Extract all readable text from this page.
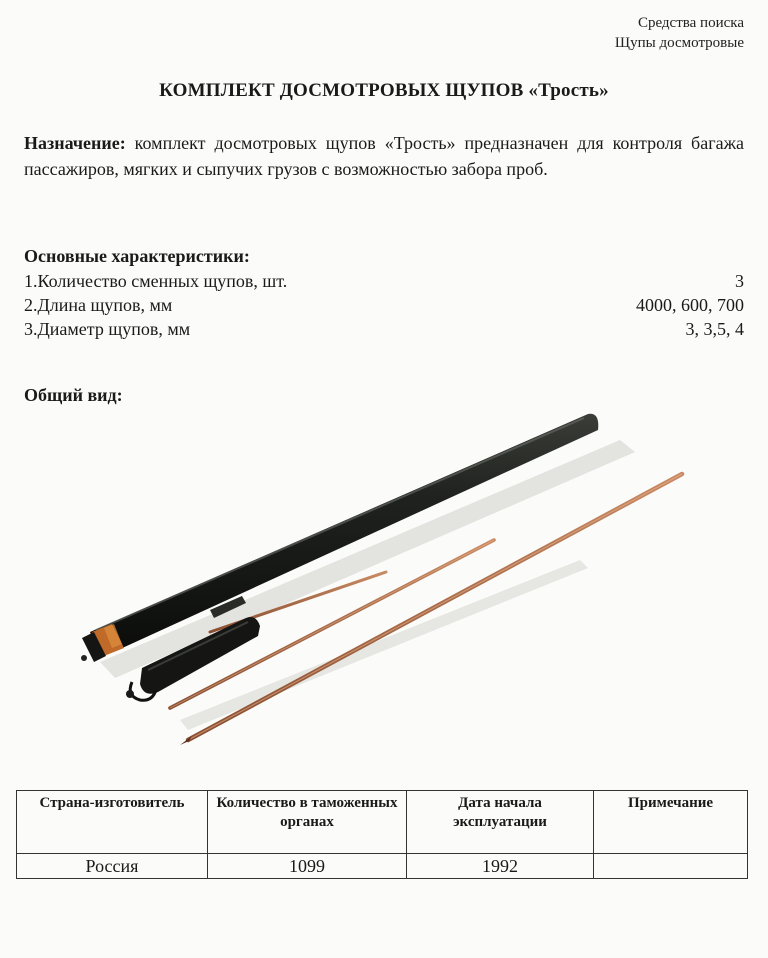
Средства поиска
Щупы досмотровые
КОМПЛЕКТ ДОСМОТРОВЫХ ЩУПОВ «Трость»
Назначение: комплект досмотровых щупов «Трость» предназначен для контроля багажа пассажиров, мягких и сыпучих грузов с возможностью забора проб.
Основные характеристики:
1.Количество сменных щупов, шт.	3
2.Длина щупов, мм	4000, 600, 700
3.Диаметр щупов, мм	3, 3,5, 4
Общий вид:
Страна-изготовитель	Количество в таможенных органах	Дата начала эксплуатации	Примечание
Россия	1099	1992	
